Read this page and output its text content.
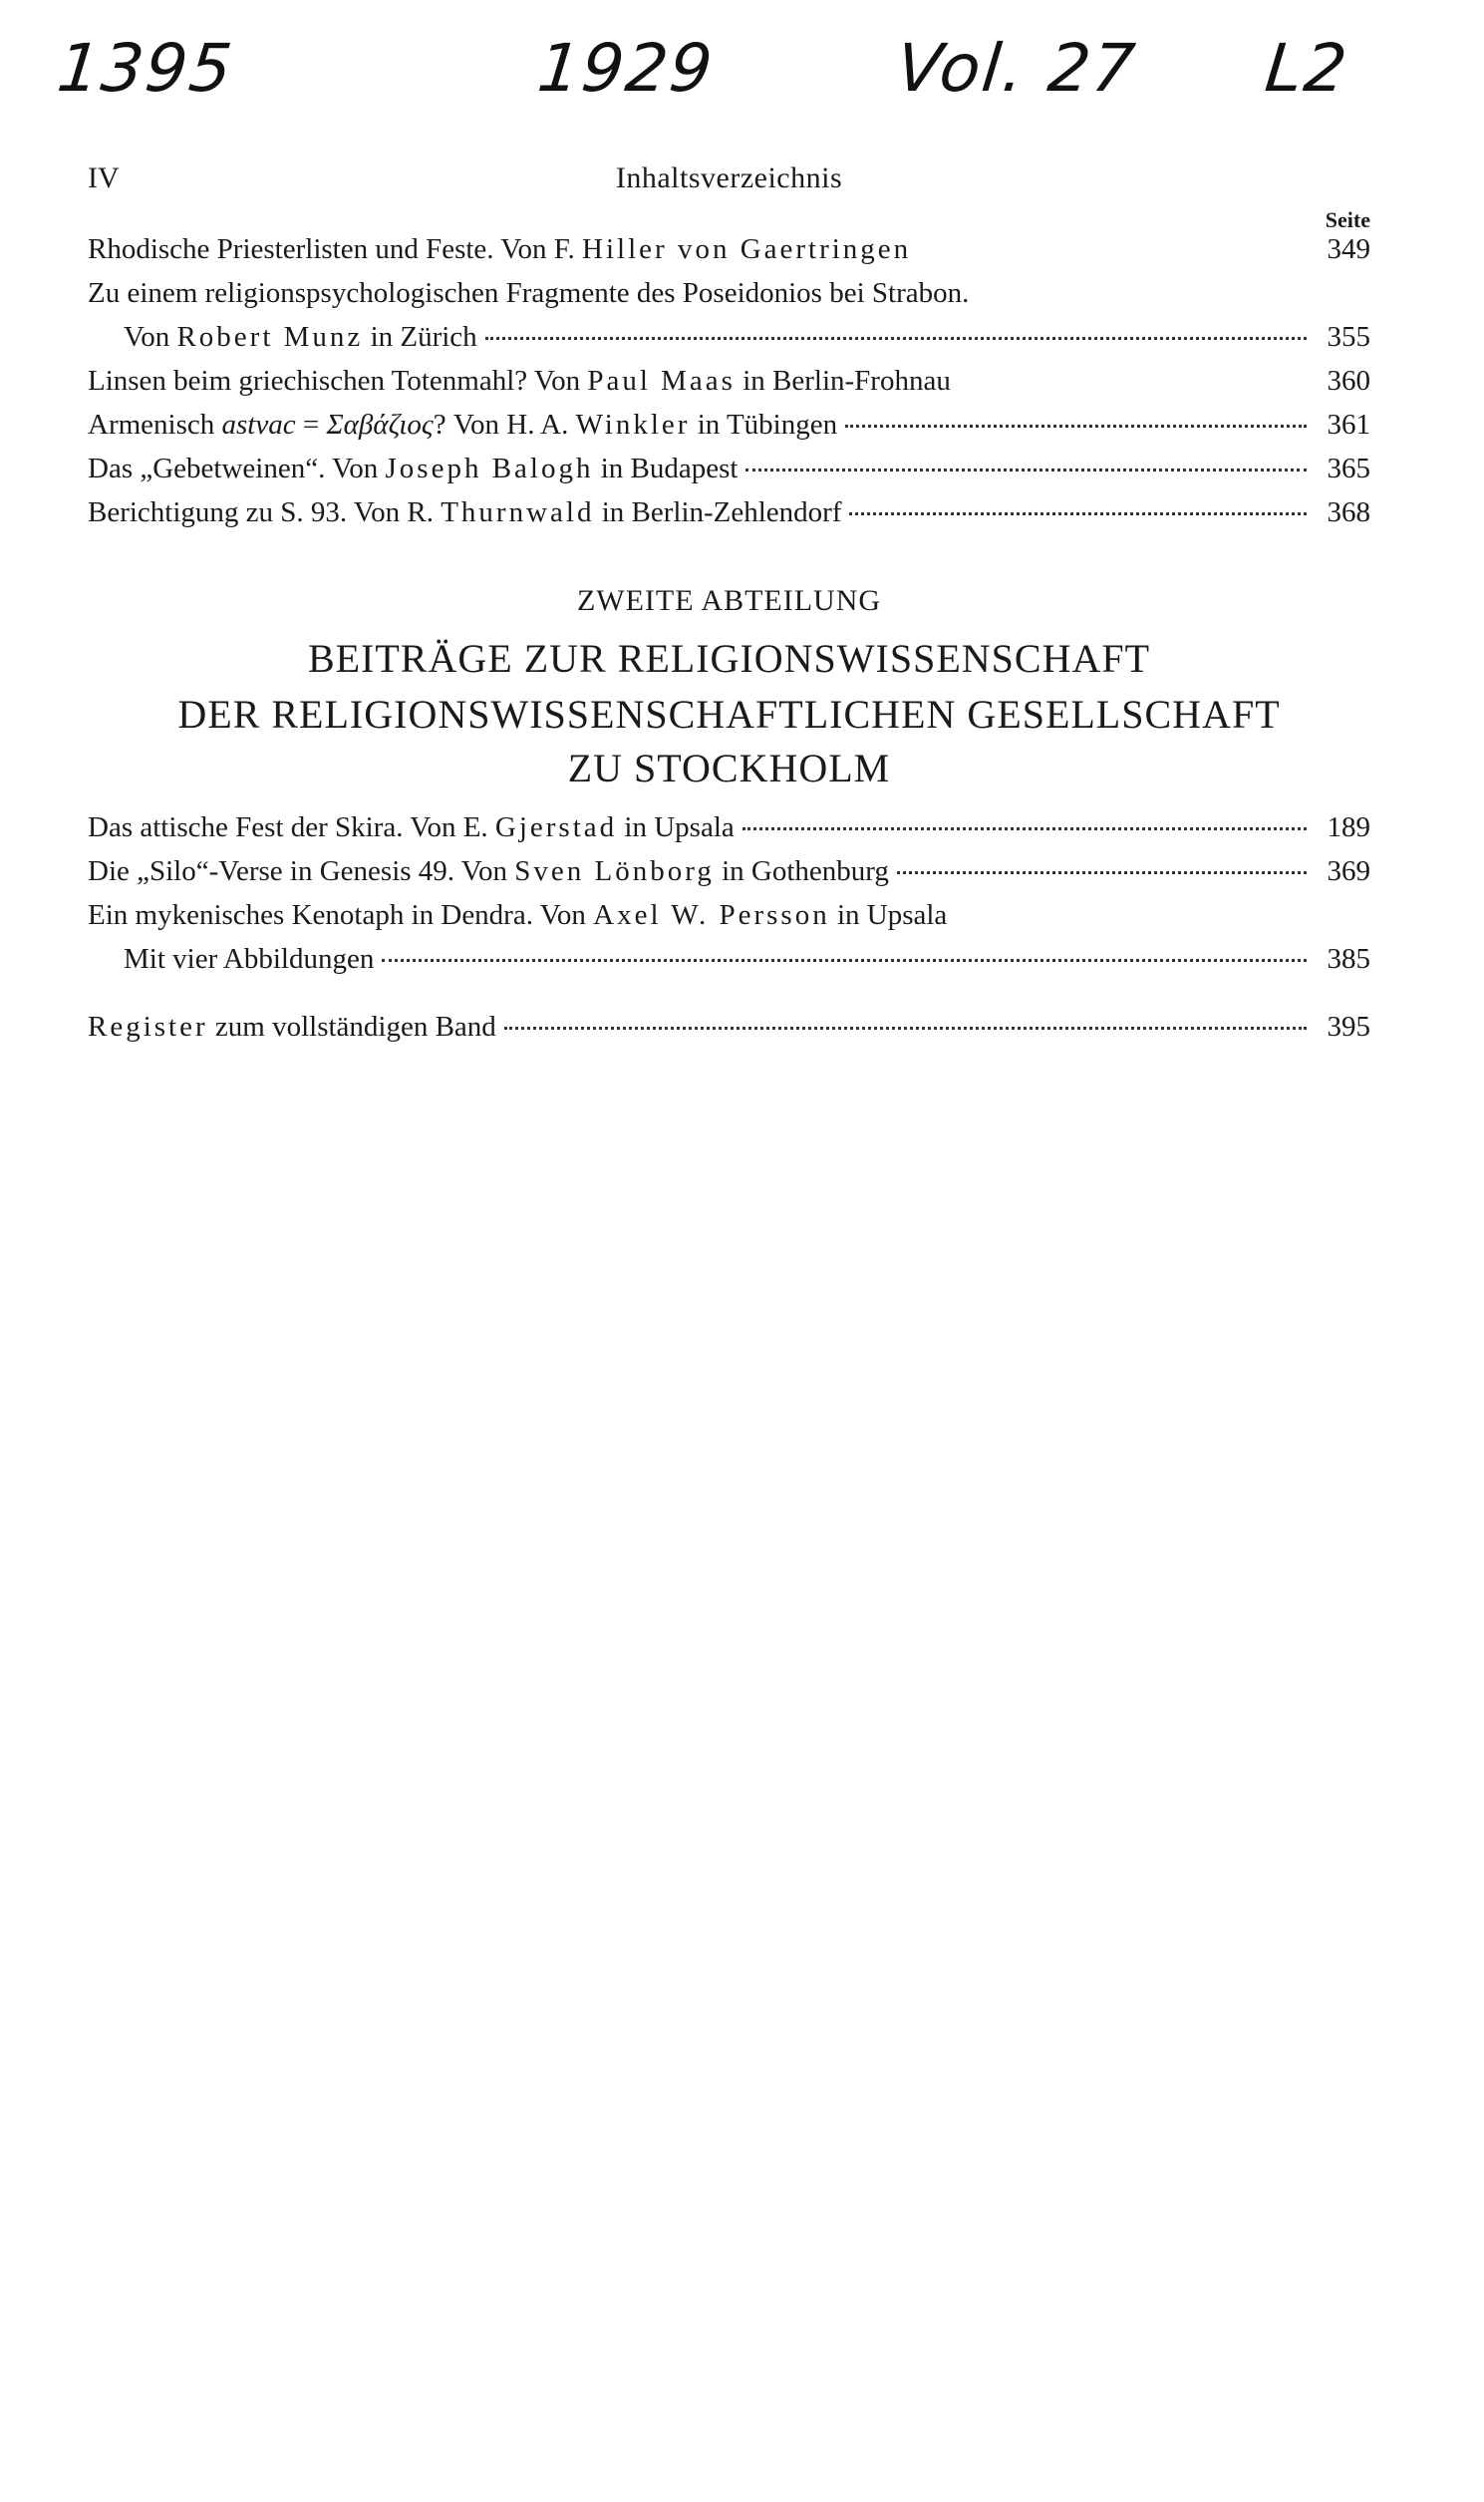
1395	1929	Vol. 27 L2

IV	Inhaltsverzeichnis
Seite
Rhodische Priesterlisten und Feste. Von F. Hiller von Gaertringen	349
Zu einem religionspsychologischen Fragmente des Poseidonios bei Strabon.
Von Robert Munz in Zürich	355
Linsen beim griechischen Totenmahl? Von Paul Maas in Berlin-Frohnau	360
Armenisch astvac = Σαβάζιος? Von H. A. Winkler in Tübingen	361
Das „Gebetweinen“. Von Joseph Balogh in Budapest	365
Berichtigung zu S. 93. Von R. Thurnwald in Berlin-Zehlendorf	368
ZWEITE ABTEILUNG
BEITRÄGE ZUR RELIGIONSWISSENSCHAFT
DER RELIGIONSWISSENSCHAFTLICHEN GESELLSCHAFT
ZU STOCKHOLM
Das attische Fest der Skira. Von E. Gjerstad in Upsala	189
Die „Silo“-Verse in Genesis 49. Von Sven Lönborg in Gothenburg	369
Ein mykenisches Kenotaph in Dendra. Von Axel W. Persson in Upsala
Mit vier Abbildungen	385
Register zum vollständigen Band	395
